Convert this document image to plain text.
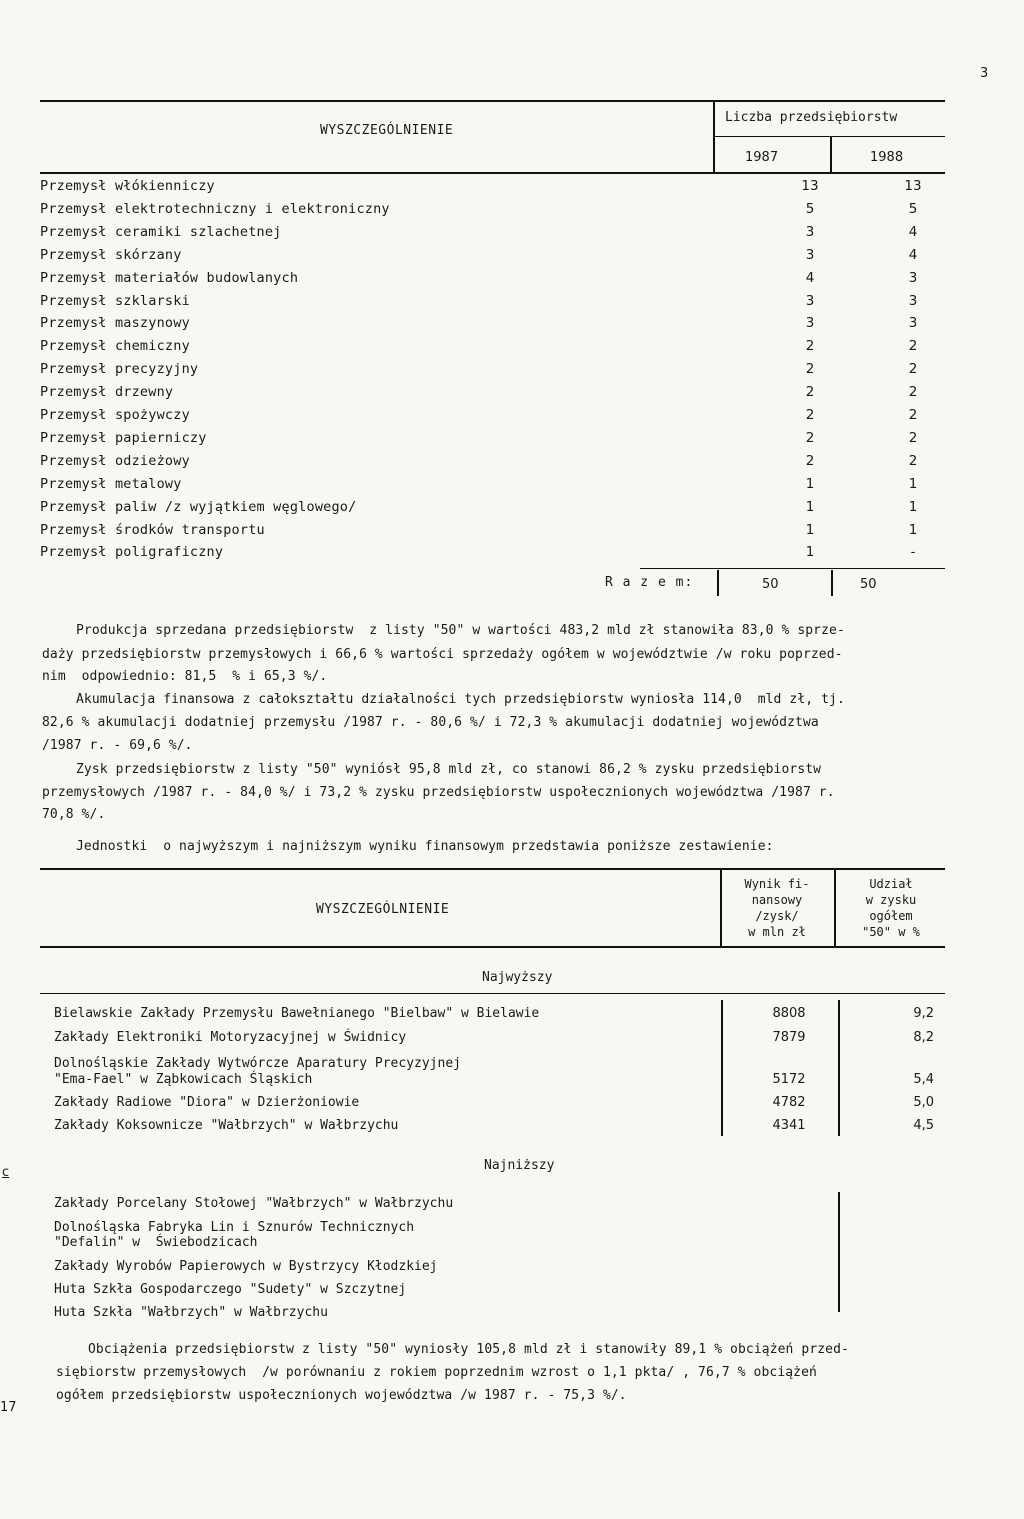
3
WYSZCZEGÓLNIENIE
Liczba przedsiębiorstw
1987	1988
Przemysł włókienniczy	13	13
Przemysł elektrotechniczny i elektroniczny	5	5
Przemysł ceramiki szlachetnej	3	4
Przemysł skórzany	3	4
Przemysł materiałów budowlanych	4	3
Przemysł szklarski	3	3
Przemysł maszynowy	3	3
Przemysł chemiczny	2	2
Przemysł precyzyjny	2	2
Przemysł drzewny	2	2
Przemysł spożywczy	2	2
Przemysł papierniczy	2	2
Przemysł odzieżowy	2	2
Przemysł metalowy	1	1
Przemysł paliw /z wyjątkiem węglowego/	1	1
Przemysł środków transportu	1	1
Przemysł poligraficzny	1	-
R a z e m:	50	50
Produkcja sprzedana przedsiębiorstw  z listy "50" w wartości 483,2 mld zł stanowiła 83,0 % sprze-
daży przedsiębiorstw przemysłowych i 66,6 % wartości sprzedaży ogółem w województwie /w roku poprzed-
nim  odpowiednio: 81,5  % i 65,3 %/.
Akumulacja finansowa z całokształtu działalności tych przedsiębiorstw wyniosła 114,0  mld zł, tj.
82,6 % akumulacji dodatniej przemysłu /1987 r. - 80,6 %/ i 72,3 % akumulacji dodatniej województwa
/1987 r. - 69,6 %/.
Zysk przedsiębiorstw z listy "50" wyniósł 95,8 mld zł, co stanowi 86,2 % zysku przedsiębiorstw
przemysłowych /1987 r. - 84,0 %/ i 73,2 % zysku przedsiębiorstw uspołecznionych województwa /1987 r.
70,8 %/.
Jednostki  o najwyższym i najniższym wyniku finansowym przedstawia poniższe zestawienie:
WYSZCZEGÓLNIENIE
Wynik fi-
nansowy
/zysk/
w mln zł
Udział
w zysku
ogółem
"50" w %
Najwyższy
Bielawskie Zakłady Przemysłu Bawełnianego "Bielbaw" w Bielawie	8808	9,2
Zakłady Elektroniki Motoryzacyjnej w Świdnicy	7879	8,2
Dolnośląskie Zakłady Wytwórcze Aparatury Precyzyjnej
"Ema-Fael" w Ząbkowicach Śląskich	5172	5,4
Zakłady Radiowe "Diora" w Dzierżoniowie	4782	5,0
Zakłady Koksownicze "Wałbrzych" w Wałbrzychu	4341	4,5
Najniższy
Zakłady Porcelany Stołowej "Wałbrzych" w Wałbrzychu
Dolnośląska Fabryka Lin i Sznurów Technicznych
"Defalin" w  Świebodzicach
Zakłady Wyrobów Papierowych w Bystrzycy Kłodzkiej
Huta Szkła Gospodarczego "Sudety" w Szczytnej
Huta Szkła "Wałbrzych" w Wałbrzychu
Obciążenia przedsiębiorstw z listy "50" wyniosły 105,8 mld zł i stanowiły 89,1 % obciążeń przed-
siębiorstw przemysłowych  /w porównaniu z rokiem poprzednim wzrost o 1,1 pkta/ , 76,7 % obciążeń
ogółem przedsiębiorstw uspołecznionych województwa /w 1987 r. - 75,3 %/.
c
17
